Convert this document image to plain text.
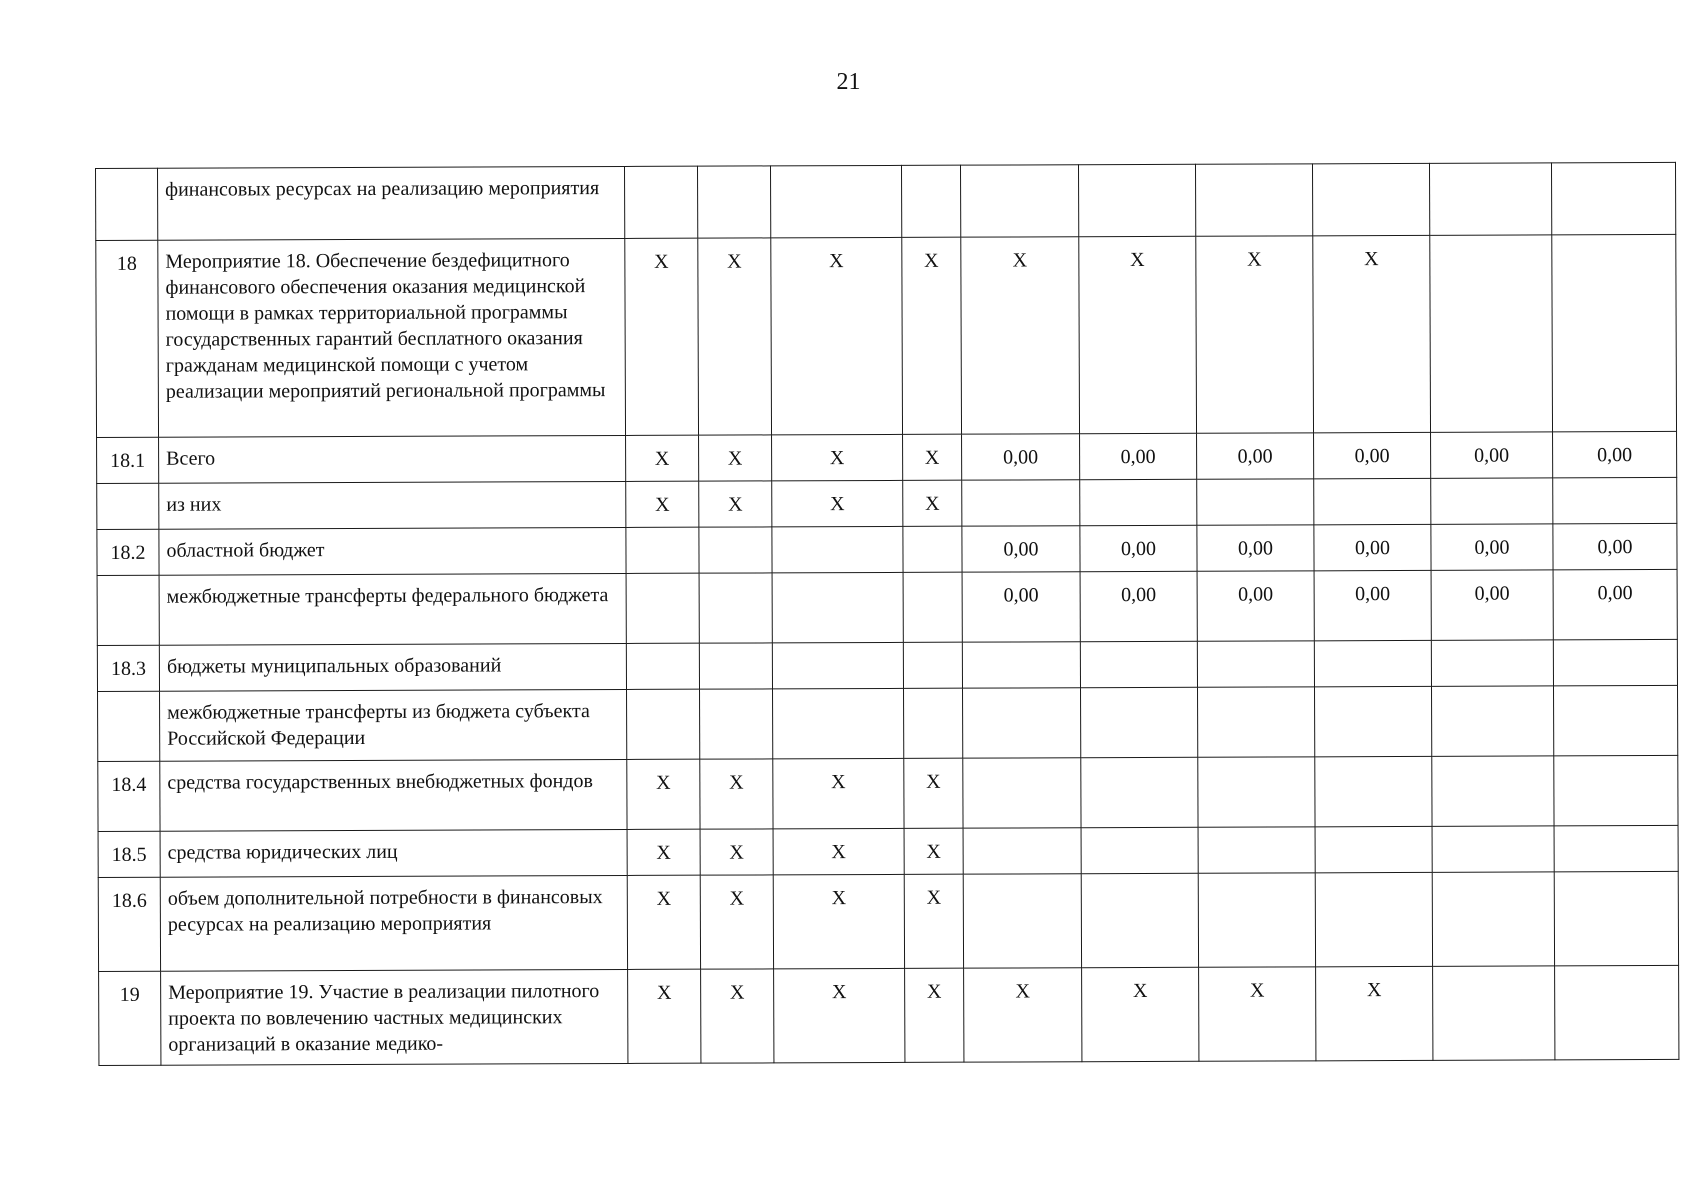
21
	финансовых ресурсах на реализацию мероприятия										
18	Мероприятие 18. Обеспечение бездефицитного финансового обеспечения оказания медицинской помощи в рамках территориальной программы государственных гарантий бесплатного оказания гражданам медицинской помощи с учетом реализации мероприятий региональной программы	Х	Х	Х	Х	Х	Х	Х	Х		
18.1	Всего	Х	Х	Х	Х	0,00	0,00	0,00	0,00	0,00	0,00
	из них	Х	Х	Х	Х						
18.2	областной бюджет					0,00	0,00	0,00	0,00	0,00	0,00
	межбюджетные трансферты федерального бюджета					0,00	0,00	0,00	0,00	0,00	0,00
18.3	бюджеты муниципальных образований										
	межбюджетные трансферты из бюджета субъекта Российской Федерации										
18.4	средства государственных внебюджетных фондов	Х	Х	Х	Х						
18.5	средства юридических лиц	Х	Х	Х	Х						
18.6	объем дополнительной потребности в финансовых ресурсах на реализацию мероприятия	Х	Х	Х	Х						
19	Мероприятие 19. Участие в реализации пилотного проекта по вовлечению частных медицинских организаций в оказание медико-	Х	Х	Х	Х	Х	Х	Х	Х		
